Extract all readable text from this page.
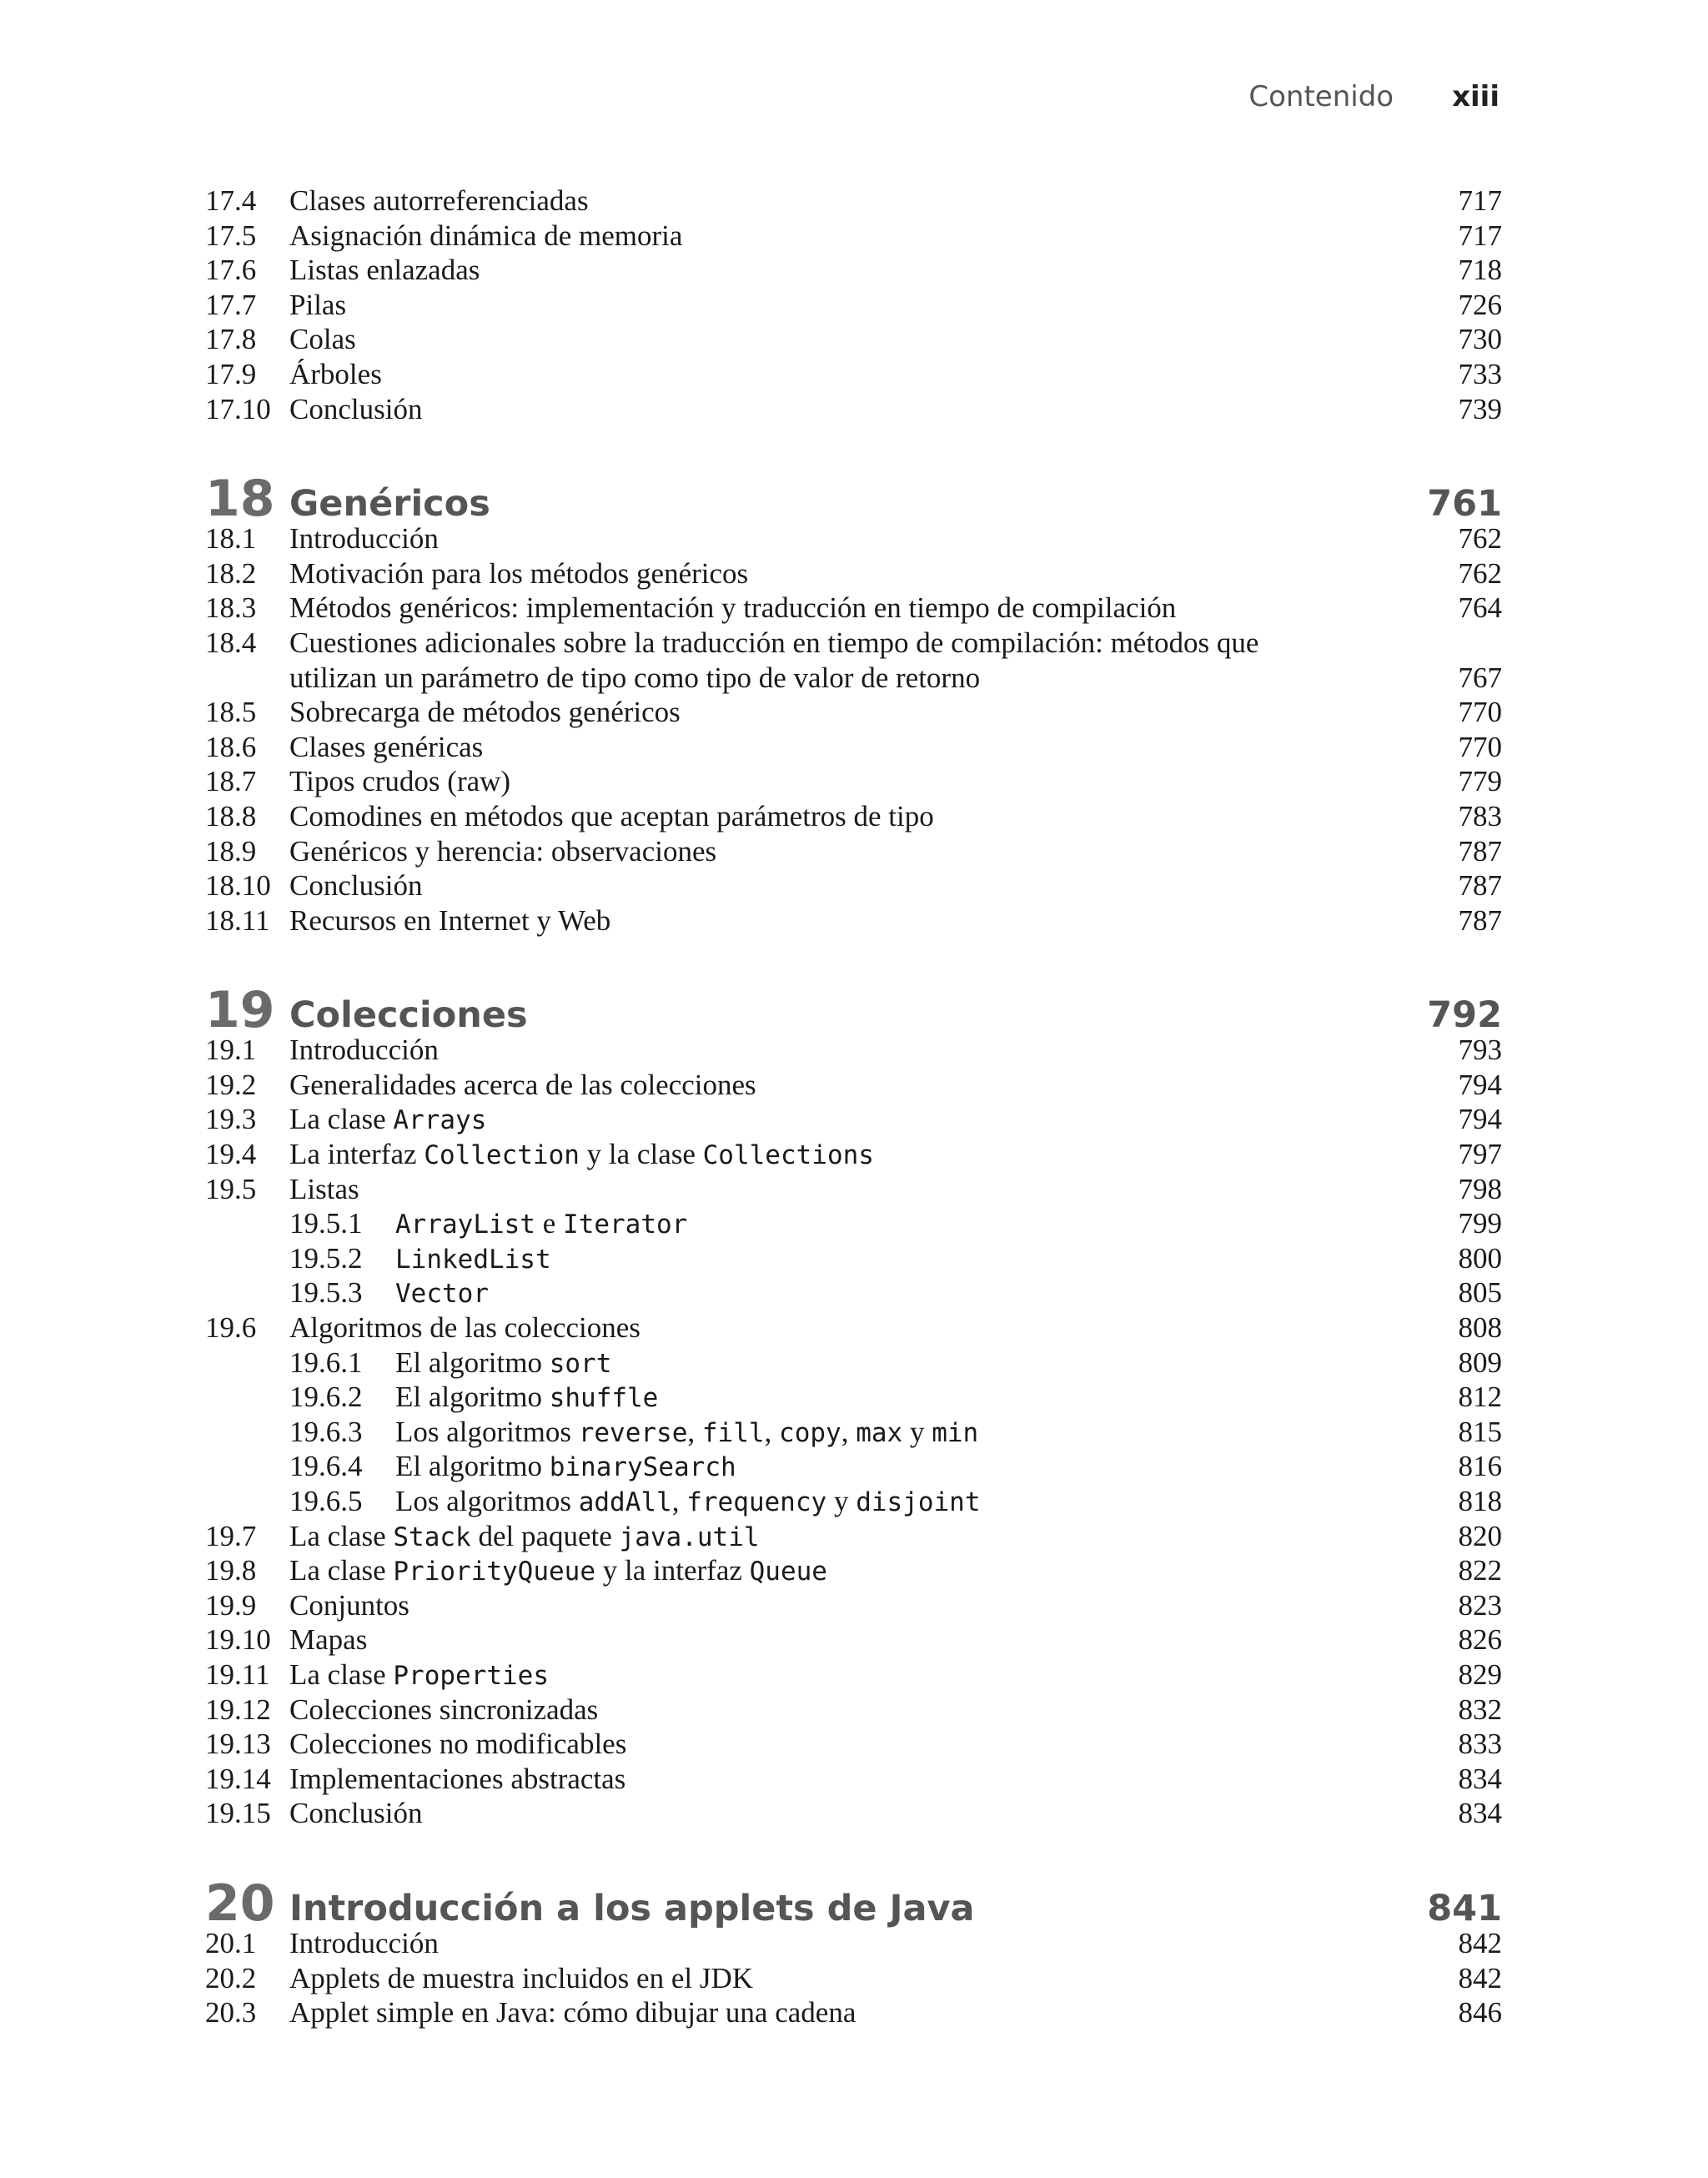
Contenido xiii
17.4	Clases autorreferenciadas	717
17.5	Asignación dinámica de memoria	717
17.6	Listas enlazadas	718
17.7	Pilas	726
17.8	Colas	730
17.9	Árboles	733
17.10 Conclusión	739
18 Genéricos	761
18.1	Introducción	762
18.2	Motivación para los métodos genéricos	762
18.3	Métodos genéricos: implementación y traducción en tiempo de compilación	764
18.4	Cuestiones adicionales sobre la traducción en tiempo de compilación: métodos que utilizan un parámetro de tipo como tipo de valor de retorno	767
18.5	Sobrecarga de métodos genéricos	770
18.6	Clases genéricas	770
18.7	Tipos crudos (raw)	779
18.8	Comodines en métodos que aceptan parámetros de tipo	783
18.9	Genéricos y herencia: observaciones	787
18.10 Conclusión	787
18.11 Recursos en Internet y Web	787
19 Colecciones	792
19.1	Introducción	793
19.2	Generalidades acerca de las colecciones	794
19.3	La clase Arrays	794
19.4	La interfaz Collection y la clase Collections	797
19.5	Listas	798
19.5.1	ArrayList e Iterator	799
19.5.2	LinkedList	800
19.5.3	Vector	805
19.6	Algoritmos de las colecciones	808
19.6.1	El algoritmo sort	809
19.6.2	El algoritmo shuffle	812
19.6.3	Los algoritmos reverse, fill, copy, max y min	815
19.6.4	El algoritmo binarySearch	816
19.6.5	Los algoritmos addAll, frequency y disjoint	818
19.7	La clase Stack del paquete java.util	820
19.8	La clase PriorityQueue y la interfaz Queue	822
19.9	Conjuntos	823
19.10 Mapas	826
19.11 La clase Properties	829
19.12 Colecciones sincronizadas	832
19.13 Colecciones no modificables	833
19.14 Implementaciones abstractas	834
19.15 Conclusión	834
20 Introducción a los applets de Java	841
20.1	Introducción	842
20.2	Applets de muestra incluidos en el JDK	842
20.3	Applet simple en Java: cómo dibujar una cadena	846
